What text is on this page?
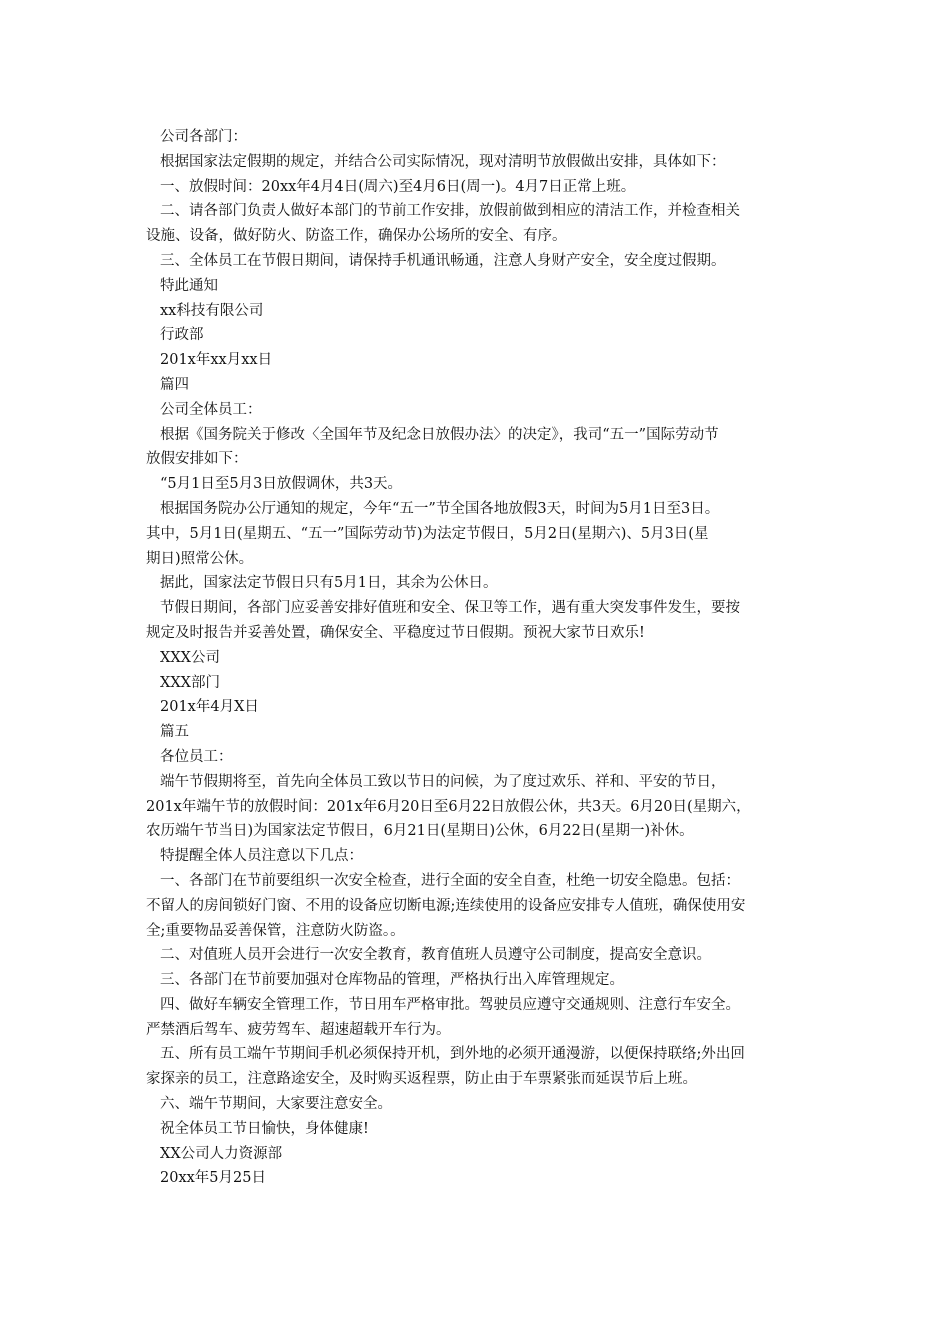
公司各部门：

根据国家法定假期的规定，并结合公司实际情况，现对清明节放假做出安排，具体如下：

一、放假时间：20xx年4月4日(周六)至4月6日(周一)。4月7日正常上班。

二、请各部门负责人做好本部门的节前工作安排，放假前做到相应的清洁工作，并检查相关
设施、设备，做好防火、防盗工作，确保办公场所的安全、有序。

三、全体员工在节假日期间，请保持手机通讯畅通，注意人身财产安全，安全度过假期。

特此通知

xx科技有限公司

行政部

201x年xx月xx日

篇四

公司全体员工：

根据《国务院关于修改〈全国年节及纪念日放假办法〉的决定》，我司“五一”国际劳动节
放假安排如下：

“5月1日至5月3日放假调休，共3天。

根据国务院办公厅通知的规定，今年“五一”节全国各地放假3天，时间为5月1日至3日。
其中，5月1日(星期五、“五一”国际劳动节)为法定节假日，5月2日(星期六)、5月3日(星
期日)照常公休。

据此，国家法定节假日只有5月1日，其余为公休日。

节假日期间，各部门应妥善安排好值班和安全、保卫等工作，遇有重大突发事件发生，要按
规定及时报告并妥善处置，确保安全、平稳度过节日假期。预祝大家节日欢乐!

XXX公司

XXX部门

201x年4月X日

篇五

各位员工：

端午节假期将至，首先向全体员工致以节日的问候，为了度过欢乐、祥和、平安的节日，
201x年端午节的放假时间：201x年6月20日至6月22日放假公休，共3天。6月20日(星期六，
农历端午节当日)为国家法定节假日，6月21日(星期日)公休，6月22日(星期一)补休。

特提醒全体人员注意以下几点：

一、各部门在节前要组织一次安全检查，进行全面的安全自查，杜绝一切安全隐患。包括：
不留人的房间锁好门窗、不用的设备应切断电源;连续使用的设备应安排专人值班，确保使用安
全;重要物品妥善保管，注意防火防盗。。

二、对值班人员开会进行一次安全教育，教育值班人员遵守公司制度，提高安全意识。

三、各部门在节前要加强对仓库物品的管理，严格执行出入库管理规定。

四、做好车辆安全管理工作，节日用车严格审批。驾驶员应遵守交通规则、注意行车安全。
严禁酒后驾车、疲劳驾车、超速超载开车行为。

五、所有员工端午节期间手机必须保持开机，到外地的必须开通漫游，以便保持联络;外出回
家探亲的员工，注意路途安全，及时购买返程票，防止由于车票紧张而延误节后上班。

六、端午节期间，大家要注意安全。

祝全体员工节日愉快，身体健康!

XX公司人力资源部

20xx年5月25日
